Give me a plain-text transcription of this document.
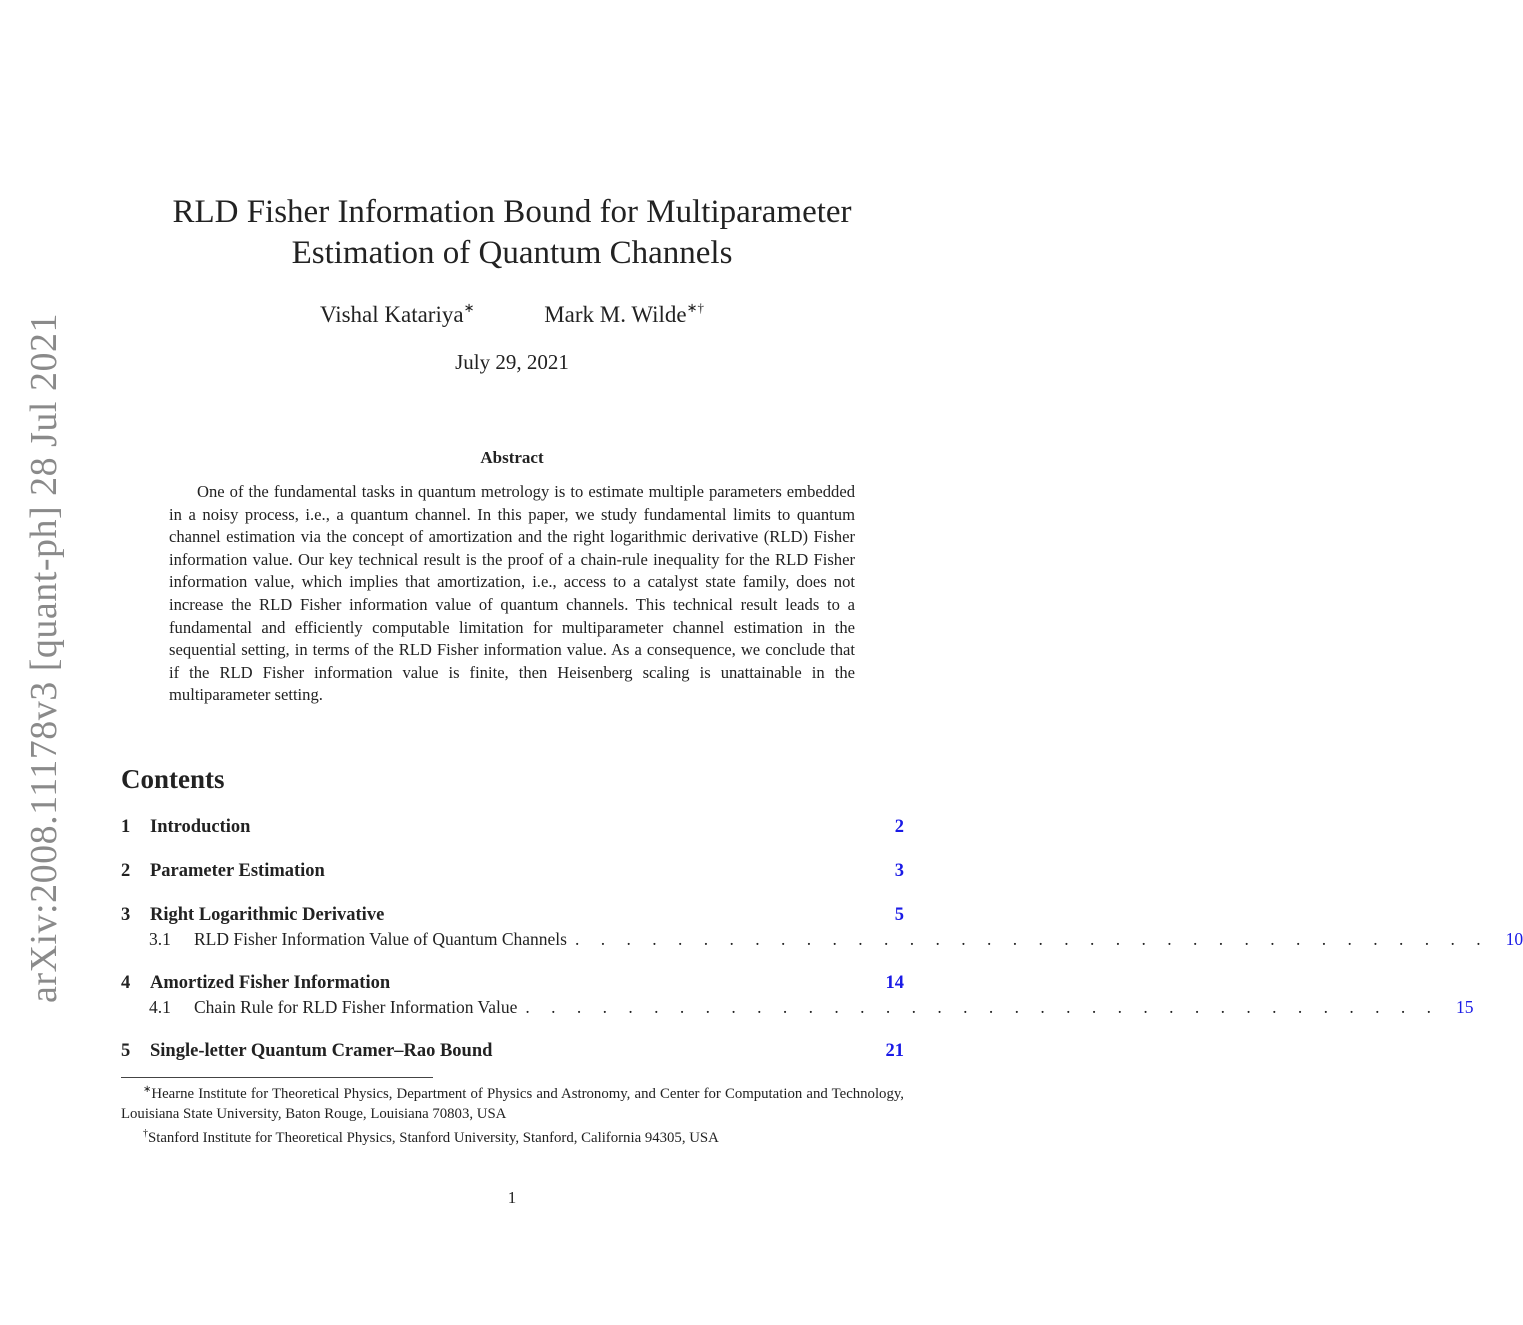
arXiv:2008.11178v3 [quant-ph] 28 Jul 2021
RLD Fisher Information Bound for Multiparameter
Estimation of Quantum Channels
Vishal Katariya∗	Mark M. Wilde∗†
July 29, 2021
Abstract
One of the fundamental tasks in quantum metrology is to estimate multiple parameters embedded in a noisy process, i.e., a quantum channel. In this paper, we study fundamental limits to quantum channel estimation via the concept of amortization and the right logarithmic derivative (RLD) Fisher information value. Our key technical result is the proof of a chain-rule inequality for the RLD Fisher information value, which implies that amortization, i.e., access to a catalyst state family, does not increase the RLD Fisher information value of quantum channels. This technical result leads to a fundamental and efficiently computable limitation for multiparameter channel estimation in the sequential setting, in terms of the RLD Fisher information value. As a consequence, we conclude that if the RLD Fisher information value is finite, then Heisenberg scaling is unattainable in the multiparameter setting.
Contents
1	Introduction	2
2	Parameter Estimation	3
3	Right Logarithmic Derivative	5
3.1	RLD Fisher Information Value of Quantum Channels . . . . . . . . . . . . . . . . . . . . . . . . . . . . . . . . . . . . 10
4	Amortized Fisher Information	14
4.1	Chain Rule for RLD Fisher Information Value . . . . . . . . . . . . . . . . . . . . . . . . . . . . . . . . . . . . 15
5	Single-letter Quantum Cramer–Rao Bound	21

∗Hearne Institute for Theoretical Physics, Department of Physics and Astronomy, and Center for Computation and Technology, Louisiana State University, Baton Rouge, Louisiana 70803, USA

†Stanford Institute for Theoretical Physics, Stanford University, Stanford, California 94305, USA

1
